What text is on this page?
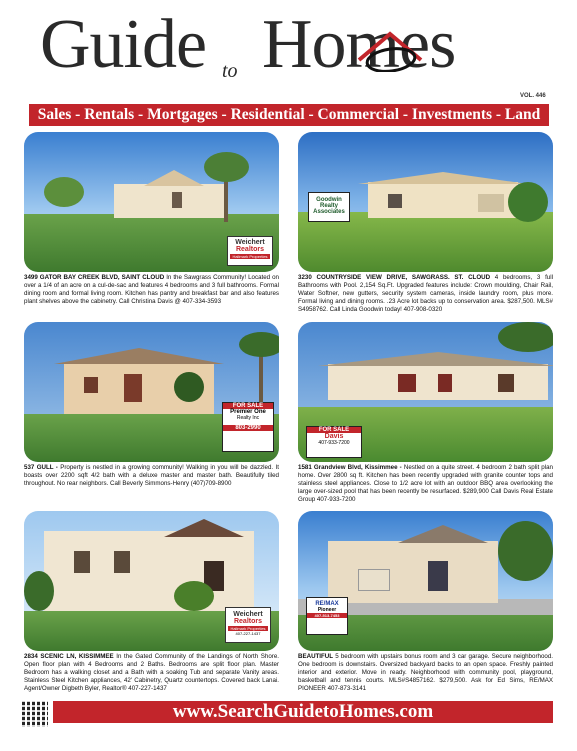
Guide to Homes
VOL. 446
Sales - Rentals - Mortgages - Residential - Commercial - Investments - Land
Weichert
Realtors
Hallmark Properties
3499 GATOR BAY CREEK BLVD, SAINT CLOUD In the Sawgrass Community! Located on over a 1/4 of an acre on a cul-de-sac and features 4 bedrooms and 3 full bathrooms. Formal dining room and formal living room. Kitchen has pantry and breakfast bar and also features plant shelves above the cabinetry. Call Christina Davis @ 407-334-3593
Goodwin Realty Associates
3230 COUNTRYSIDE VIEW DRIVE, SAWGRASS. ST. CLOUD 4 bedrooms, 3 full Bathrooms with Pool. 2,154 Sq.Ft. Upgraded features include: Crown moulding, Chair Rail, Water Softner, new gutters, security system cameras, inside laundry room, plus more. Formal living and dining rooms. .23 Acre lot backs up to conservation area. $287,500. MLS# S4958762. Call Linda Goodwin today! 407-908-0320
FOR SALE
Premier One
Realty Inc
803-2990
537 GULL - Property is nestled in a growing community! Walking in you will be dazzled. It boasts over 2200 sqft 4/2 bath with a deluxe master and master bath. Beautifully tiled throughout. No rear neighbors. Call Beverly Simmons-Henry (407)709-8900
FOR SALE
Davis
407-933-7200
1581 Grandview Blvd, Kissimmee - Nestled on a quite street. 4 bedroom 2 bath split plan home. Over 2800 sq ft. Kitchen has been recently upgraded with granite counter tops and stainless steel appliances. Close to 1/2 acre lot with an outdoor BBQ area overlooking the large over-sized pool that has been recently be resurfaced. $289,900 Call Davis Real Estate Group 407-933-7200
Weichert
Realtors
Hallmark Properties
407-227-1437
2834 SCENIC LN, KISSIMMEE In the Gated Community of the Landings of North Shore. Open floor plan with 4 Bedrooms and 2 Baths. Bedrooms are split floor plan. Master Bedroom has a walking closet and a Bath with a soaking Tub and separate Vanity areas. Stainless Steel Kitchen appliances, 42' Cabinetry, Quartz countertops. Covered back Lanai. Agent/Owner Digbeth Byler, Realtor® 407-227-1437
RE/MAX
Pioneer
407-513-7453
BEAUTIFUL 5 bedroom with upstairs bonus room and 3 car garage. Secure neighborhood. One bedroom is downstairs. Oversized backyard backs to an open space. Freshly painted interior and exterior. Move in ready. Neighborhood with community pool, playground, basketball and tennis courts. MLS#S4857162. $279,500. Ask for Ed Sims, RE/MAX PIONEER 407-873-3141
www.SearchGuidetoHomes.com
